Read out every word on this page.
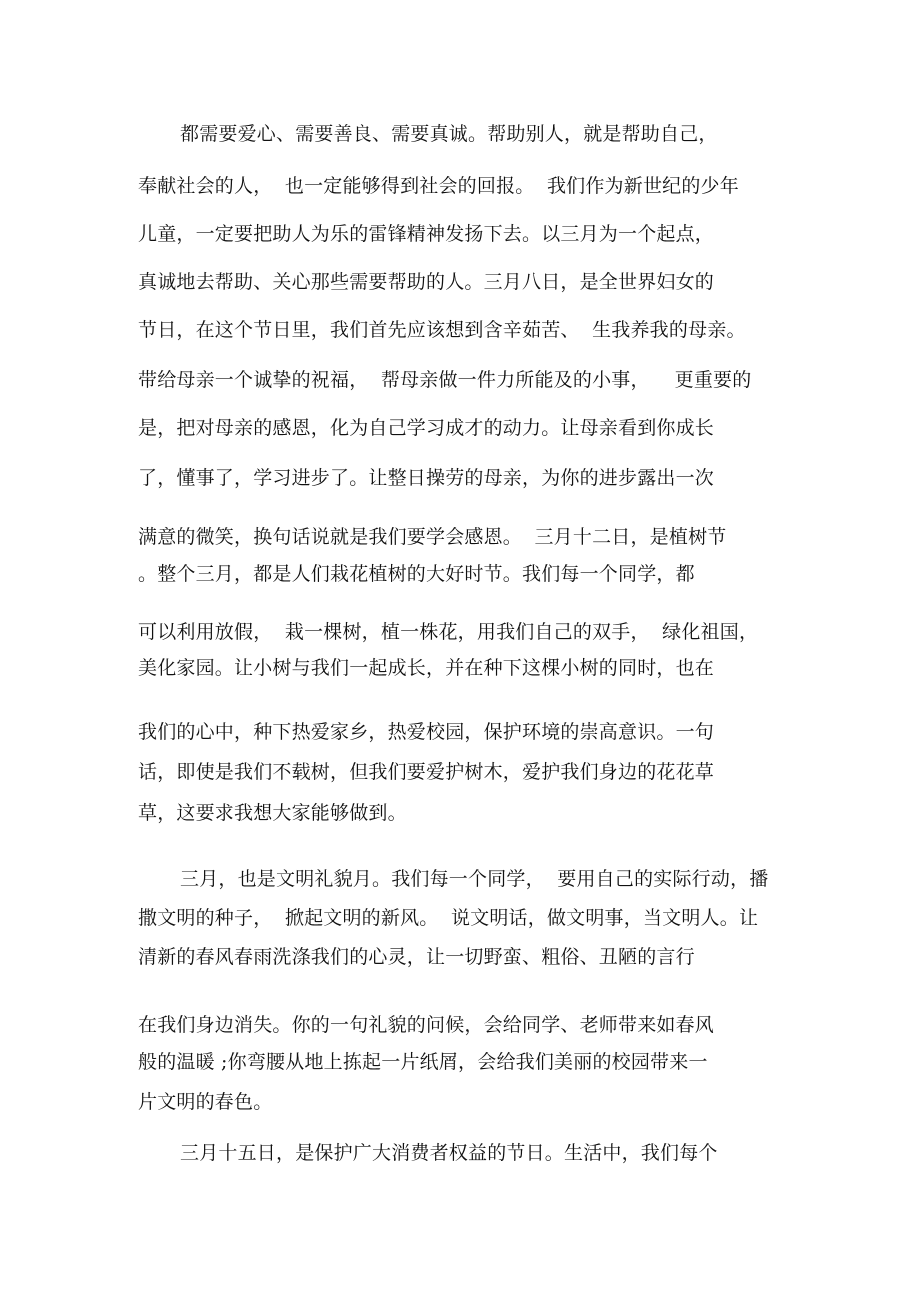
都需要爱心、需要善良、需要真诚。帮助别人，就是帮助自己，
奉献社会的人，  也一定能够得到社会的回报。  我们作为新世纪的少年
儿童，一定要把助人为乐的雷锋精神发扬下去。以三月为一个起点，
真诚地去帮助、关心那些需要帮助的人。三月八日，是全世界妇女的
节日，在这个节日里，我们首先应该想到含辛茹苦、  生我养我的母亲。
带给母亲一个诚挚的祝福，  帮母亲做一件力所能及的小事，    更重要的
是，把对母亲的感恩，化为自己学习成才的动力。让母亲看到你成长
了，懂事了，学习进步了。让整日操劳的母亲，为你的进步露出一次
满意的微笑，换句话说就是我们要学会感恩。  三月十二日，是植树节
。整个三月，都是人们栽花植树的大好时节。我们每一个同学，都
可以利用放假，  栽一棵树，植一株花，用我们自己的双手，  绿化祖国，
美化家园。让小树与我们一起成长，并在种下这棵小树的同时，也在
我们的心中，种下热爱家乡，热爱校园，保护环境的崇高意识。一句
话，即使是我们不载树，但我们要爱护树木，爱护我们身边的花花草
草，这要求我想大家能够做到。
三月，也是文明礼貌月。我们每一个同学，  要用自己的实际行动，播
撒文明的种子，  掀起文明的新风。  说文明话，做文明事，当文明人。让
清新的春风春雨洗涤我们的心灵，让一切野蛮、粗俗、丑陋的言行
在我们身边消失。你的一句礼貌的问候，会给同学、老师带来如春风
般的温暖 ;你弯腰从地上拣起一片纸屑，会给我们美丽的校园带来一
片文明的春色。
三月十五日，是保护广大消费者权益的节日。生活中，我们每个
